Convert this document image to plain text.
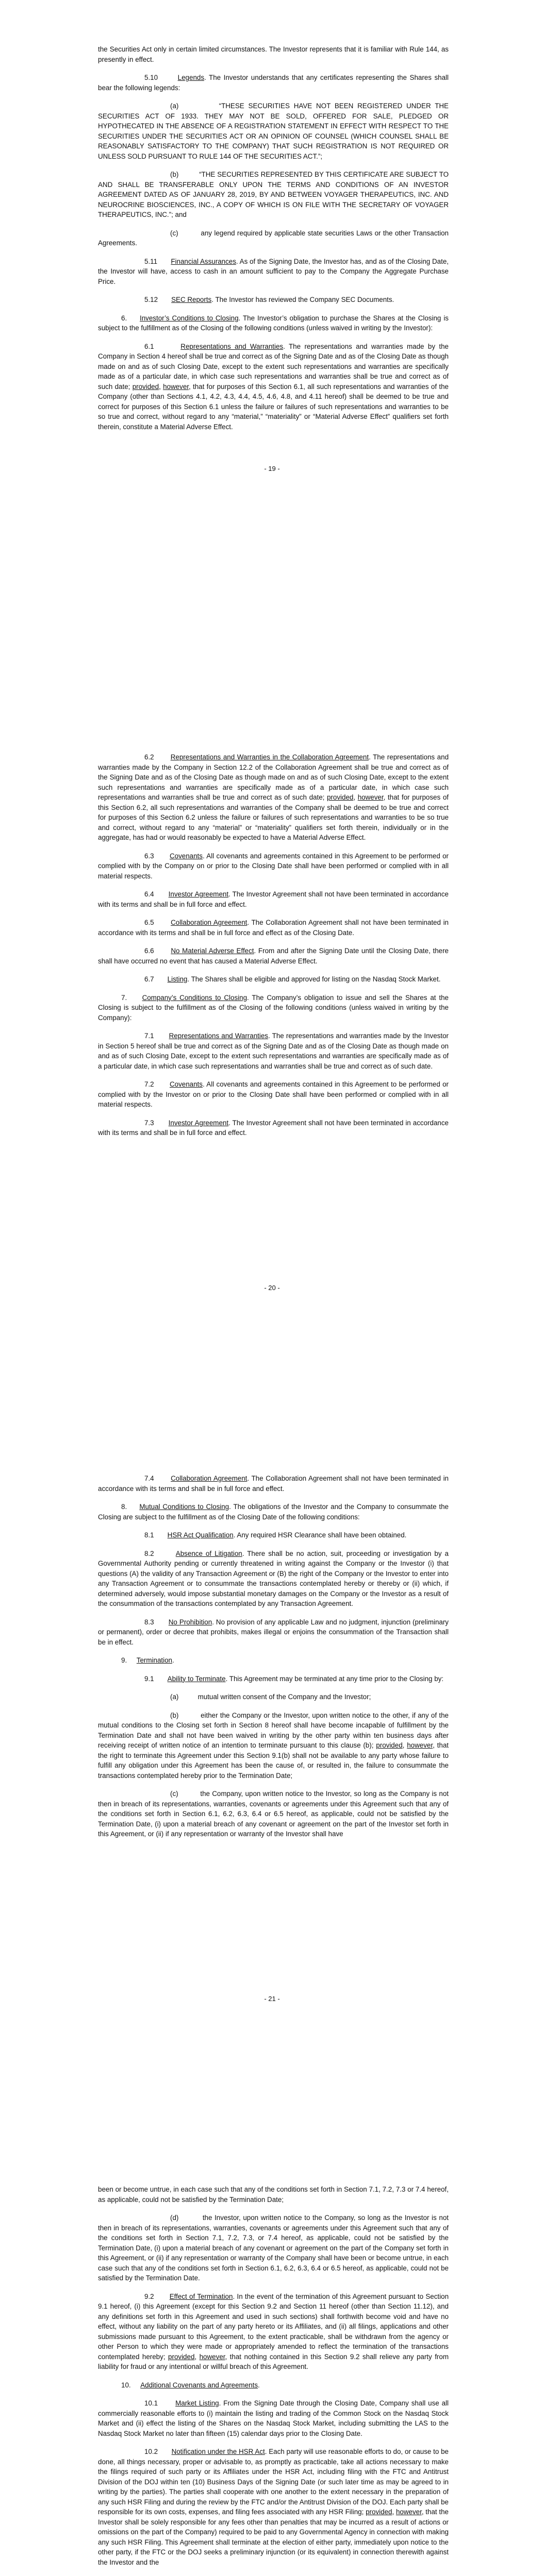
the Securities Act only in certain limited circumstances. The Investor represents that it is familiar with Rule 144, as presently in effect.

5.10	Legends. The Investor understands that any certificates representing the Shares shall bear the following legends:

(a)	“THESE SECURITIES HAVE NOT BEEN REGISTERED UNDER THE SECURITIES ACT OF 1933. THEY MAY NOT BE SOLD, OFFERED FOR SALE, PLEDGED OR HYPOTHECATED IN THE ABSENCE OF A REGISTRATION STATEMENT IN EFFECT WITH RESPECT TO THE SECURITIES UNDER THE SECURITIES ACT OR AN OPINION OF COUNSEL (WHICH COUNSEL SHALL BE REASONABLY SATISFACTORY TO THE COMPANY) THAT SUCH REGISTRATION IS NOT REQUIRED OR UNLESS SOLD PURSUANT TO RULE 144 OF THE SECURITIES ACT.”;

(b)	“THE SECURITIES REPRESENTED BY THIS CERTIFICATE ARE SUBJECT TO AND SHALL BE TRANSFERABLE ONLY UPON THE TERMS AND CONDITIONS OF AN INVESTOR AGREEMENT DATED AS OF JANUARY 28, 2019, BY AND BETWEEN VOYAGER THERAPEUTICS, INC. AND NEUROCRINE BIOSCIENCES, INC., A COPY OF WHICH IS ON FILE WITH THE SECRETARY OF VOYAGER THERAPEUTICS, INC.”; and

(c)	any legend required by applicable state securities Laws or the other Transaction Agreements.

5.11 Financial Assurances. As of the Signing Date, the Investor has, and as of the Closing Date, the Investor will have, access to cash in an amount sufficient to pay to the Company the Aggregate Purchase Price.

5.12 SEC Reports. The Investor has reviewed the Company SEC Documents.

6. Investor’s Conditions to Closing. The Investor’s obligation to purchase the Shares at the Closing is subject to the fulfillment as of the Closing of the following conditions (unless waived in writing by the Investor):

6.1	Representations and Warranties. The representations and warranties made by the Company in Section 4 hereof shall be true and correct as of the Signing Date and as of the Closing Date as though made on and as of such Closing Date, except to the extent such representations and warranties are specifically made as of a particular date, in which case such representations and warranties shall be true and correct as of such date; provided, however, that for purposes of this Section 6.1, all such representations and warranties of the Company (other than Sections 4.1, 4.2, 4.3, 4.4, 4.5, 4.6, 4.8, and 4.11 hereof) shall be deemed to be true and correct for purposes of this Section 6.1 unless the failure or failures of such representations and warranties to be so true and correct, without regard to any “material,” “materiality” or “Material Adverse Effect” qualifiers set forth therein, constitute a Material Adverse Effect.

- 19 -

6.2 Representations and Warranties in the Collaboration Agreement. The representations and warranties made by the Company in Section 12.2 of the Collaboration Agreement shall be true and correct as of the Signing Date and as of the Closing Date as though made on and as of such Closing Date, except to the extent such representations and warranties are specifically made as of a particular date, in which case such representations and warranties shall be true and correct as of such date; provided, however, that for purposes of this Section 6.2, all such representations and warranties of the Company shall be deemed to be true and correct for purposes of this Section 6.2 unless the failure or failures of such representations and warranties to be so true and correct, without regard to any “material” or “materiality” qualifiers set forth therein, individually or in the aggregate, has had or would reasonably be expected to have a Material Adverse Effect.

6.3 Covenants. All covenants and agreements contained in this Agreement to be performed or complied with by the Company on or prior to the Closing Date shall have been performed or complied with in all material respects.

6.4 Investor Agreement. The Investor Agreement shall not have been terminated in accordance with its terms and shall be in full force and effect.

6.5 Collaboration Agreement. The Collaboration Agreement shall not have been terminated in accordance with its terms and shall be in full force and effect as of the Closing Date.

6.6 No Material Adverse Effect. From and after the Signing Date until the Closing Date, there shall have occurred no event that has caused a Material Adverse Effect.

6.7 Listing. The Shares shall be eligible and approved for listing on the Nasdaq Stock Market.

7. Company’s Conditions to Closing. The Company’s obligation to issue and sell the Shares at the Closing is subject to the fulfillment as of the Closing of the following conditions (unless waived in writing by the Company):

7.1 Representations and Warranties. The representations and warranties made by the Investor in Section 5 hereof shall be true and correct as of the Signing Date and as of the Closing Date as though made on and as of such Closing Date, except to the extent such representations and warranties are specifically made as of a particular date, in which case such representations and warranties shall be true and correct as of such date.

7.2 Covenants. All covenants and agreements contained in this Agreement to be performed or complied with by the Investor on or prior to the Closing Date shall have been performed or complied with in all material respects.

7.3 Investor Agreement. The Investor Agreement shall not have been terminated in accordance with its terms and shall be in full force and effect.

- 20 -

7.4 Collaboration Agreement. The Collaboration Agreement shall not have been terminated in accordance with its terms and shall be in full force and effect.

8. Mutual Conditions to Closing. The obligations of the Investor and the Company to consummate the Closing are subject to the fulfillment as of the Closing Date of the following conditions:

8.1 HSR Act Qualification. Any required HSR Clearance shall have been obtained.

8.2	Absence of Litigation. There shall be no action, suit, proceeding or investigation by a Governmental Authority pending or currently threatened in writing against the Company or the Investor (i) that questions (A) the validity of any Transaction Agreement or (B) the right of the Company or the Investor to enter into any Transaction Agreement or to consummate the transactions contemplated hereby or thereby or (ii) which, if determined adversely, would impose substantial monetary damages on the Company or the Investor as a result of the consummation of the transactions contemplated by any Transaction Agreement.

8.3 No Prohibition. No provision of any applicable Law and no judgment, injunction (preliminary or permanent), order or decree that prohibits, makes illegal or enjoins the consummation of the Transaction shall be in effect.

9. Termination.

9.1 Ability to Terminate. This Agreement may be terminated at any time prior to the Closing by:

(a)	mutual written consent of the Company and the Investor;

(b)	either the Company or the Investor, upon written notice to the other, if any of the mutual conditions to the Closing set forth in Section 8 hereof shall have become incapable of fulfillment by the Termination Date and shall not have been waived in writing by the other party within ten business days after receiving receipt of written notice of an intention to terminate pursuant to this clause (b); provided, however, that the right to terminate this Agreement under this Section 9.1(b) shall not be available to any party whose failure to fulfill any obligation under this Agreement has been the cause of, or resulted in, the failure to consummate the transactions contemplated hereby prior to the Termination Date;

(c)	the Company, upon written notice to the Investor, so long as the Company is not then in breach of its representations, warranties, covenants or agreements under this Agreement such that any of the conditions set forth in Section 6.1, 6.2, 6.3, 6.4 or 6.5 hereof, as applicable, could not be satisfied by the Termination Date, (i) upon a material breach of any covenant or agreement on the part of the Investor set forth in this Agreement, or (ii) if any representation or warranty of the Investor shall have

- 21 -

been or become untrue, in each case such that any of the conditions set forth in Section 7.1, 7.2, 7.3 or 7.4 hereof, as applicable, could not be satisfied by the Termination Date;

(d)	the Investor, upon written notice to the Company, so long as the Investor is not then in breach of its representations, warranties, covenants or agreements under this Agreement such that any of the conditions set forth in Section 7.1, 7.2, 7.3, or 7.4 hereof, as applicable, could not be satisfied by the Termination Date, (i) upon a material breach of any covenant or agreement on the part of the Company set forth in this Agreement, or (ii) if any representation or warranty of the Company shall have been or become untrue, in each case such that any of the conditions set forth in Section 6.1, 6.2, 6.3, 6.4 or 6.5 hereof, as applicable, could not be satisfied by the Termination Date.

9.2 Effect of Termination. In the event of the termination of this Agreement pursuant to Section 9.1 hereof, (i) this Agreement (except for this Section 9.2 and Section 11 hereof (other than Section 11.12), and any definitions set forth in this Agreement and used in such sections) shall forthwith become void and have no effect, without any liability on the part of any party hereto or its Affiliates, and (ii) all filings, applications and other submissions made pursuant to this Agreement, to the extent practicable, shall be withdrawn from the agency or other Person to which they were made or appropriately amended to reflect the termination of the transactions contemplated hereby; provided, however, that nothing contained in this Section 9.2 shall relieve any party from liability for fraud or any intentional or willful breach of this Agreement.

10. Additional Covenants and Agreements.

10.1	Market Listing. From the Signing Date through the Closing Date, Company shall use all commercially reasonable efforts to (i) maintain the listing and trading of the Common Stock on the Nasdaq Stock Market and (ii) effect the listing of the Shares on the Nasdaq Stock Market, including submitting the LAS to the Nasdaq Stock Market no later than fifteen (15) calendar days prior to the Closing Date.

10.2 Notification under the HSR Act. Each party will use reasonable efforts to do, or cause to be done, all things necessary, proper or advisable to, as promptly as practicable, take all actions necessary to make the filings required of such party or its Affiliates under the HSR Act, including filing with the FTC and Antitrust Division of the DOJ within ten (10) Business Days of the Signing Date (or such later time as may be agreed to in writing by the parties). The parties shall cooperate with one another to the extent necessary in the preparation of any such HSR Filing and during the review by the FTC and/or the Antitrust Division of the DOJ. Each party shall be responsible for its own costs, expenses, and filing fees associated with any HSR Filing; provided, however, that the Investor shall be solely responsible for any fees other than penalties that may be incurred as a result of actions or omissions on the part of the Company) required to be paid to any Governmental Agency in connection with making any such HSR Filing. This Agreement shall terminate at the election of either party, immediately upon notice to the other party, if the FTC or the DOJ seeks a preliminary injunction (or its equivalent) in connection therewith against the Investor and the
